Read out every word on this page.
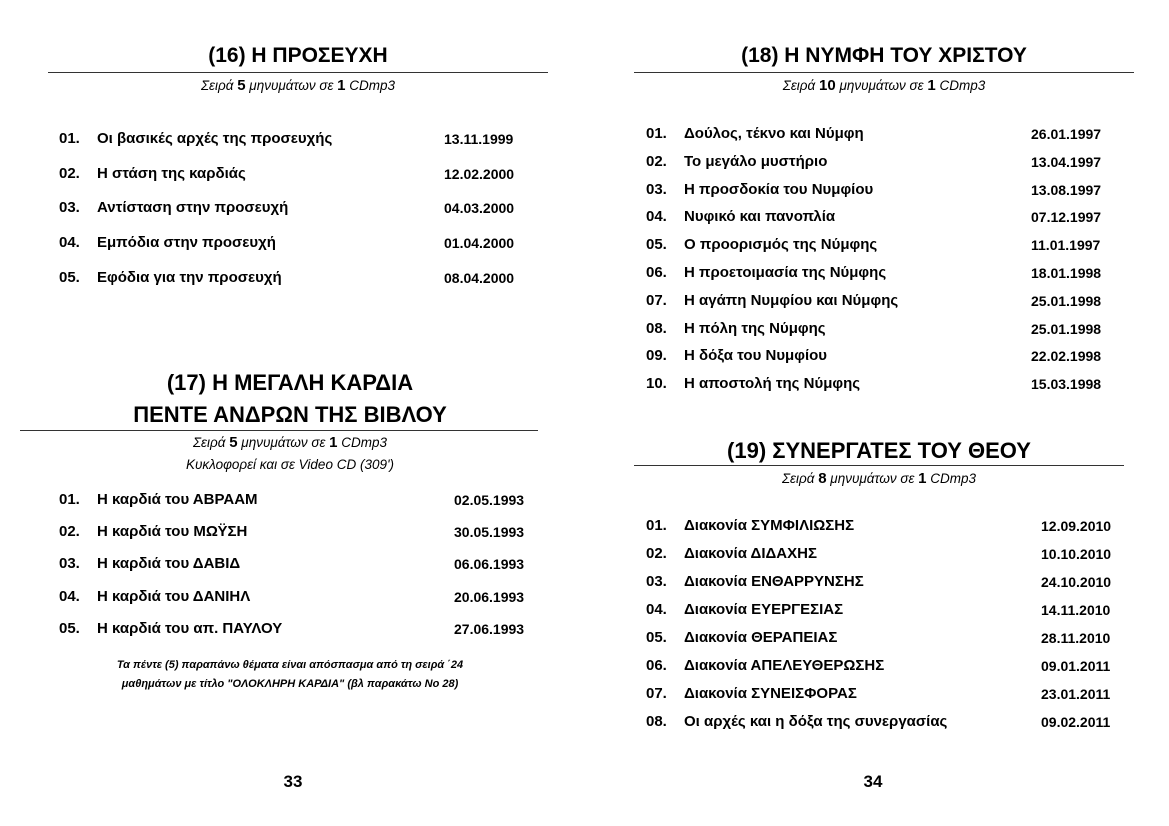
(16) Η ΠΡΟΣΕΥΧΗ
Σειρά 5 μηνυμάτων σε 1 CDmp3
01. Οι βασικές αρχές της προσευχής	13.11.1999
02. Η στάση της καρδιάς	12.02.2000
03. Αντίσταση στην προσευχή	04.03.2000
04. Εμπόδια στην προσευχή	01.04.2000
05. Εφόδια για την προσευχή	08.04.2000
(17) Η ΜΕΓΑΛΗ ΚΑΡΔΙΑ
ΠΕΝΤΕ ΑΝΔΡΩΝ ΤΗΣ ΒΙΒΛΟΥ
Σειρά 5 μηνυμάτων σε 1 CDmp3
Κυκλοφορεί και σε Video CD (309')
01. Η καρδιά του ΑΒΡΑΑΜ	02.05.1993
02. Η καρδιά του ΜΩΫΣΗ	30.05.1993
03. Η καρδιά του ΔΑΒΙΔ	06.06.1993
04. Η καρδιά του ΔΑΝΙΗΛ	20.06.1993
05. Η καρδιά του απ. ΠΑΥΛΟΥ	27.06.1993
Τα πέντε (5) παραπάνω θέματα είναι απόσπασμα από τη σειρά ΄24
μαθημάτων με τίτλο "ΟΛΟΚΛΗΡΗ ΚΑΡΔΙΑ" (βλ παρακάτω Νο 28)
33
(18) Η ΝΥΜΦΗ ΤΟΥ ΧΡΙΣΤΟΥ
Σειρά 10 μηνυμάτων σε 1 CDmp3
01. Δούλος, τέκνο και Νύμφη	26.01.1997
02. Το μεγάλο μυστήριο	13.04.1997
03. Η προσδοκία του Νυμφίου	13.08.1997
04. Νυφικό και πανοπλία	07.12.1997
05. Ο προορισμός της Νύμφης	11.01.1997
06. Η προετοιμασία της Νύμφης	18.01.1998
07. Η αγάπη Νυμφίου και Νύμφης	25.01.1998
08. Η πόλη της Νύμφης	25.01.1998
09. Η δόξα του Νυμφίου	22.02.1998
10. Η αποστολή της Νύμφης	15.03.1998
(19) ΣΥΝΕΡΓΑΤΕΣ ΤΟΥ ΘΕΟΥ
Σειρά 8 μηνυμάτων σε 1 CDmp3
01. Διακονία ΣΥΜΦΙΛΙΩΣΗΣ	12.09.2010
02. Διακονία ΔΙΔΑΧΗΣ	10.10.2010
03. Διακονία ΕΝΘΑΡΡΥΝΣΗΣ	24.10.2010
04. Διακονία ΕΥΕΡΓΕΣΙΑΣ	14.11.2010
05. Διακονία ΘΕΡΑΠΕΙΑΣ	28.11.2010
06. Διακονία ΑΠΕΛΕΥΘΕΡΩΣΗΣ	09.01.2011
07. Διακονία ΣΥΝΕΙΣΦΟΡΑΣ	23.01.2011
08. Οι αρχές και η δόξα της συνεργασίας	09.02.2011
34
